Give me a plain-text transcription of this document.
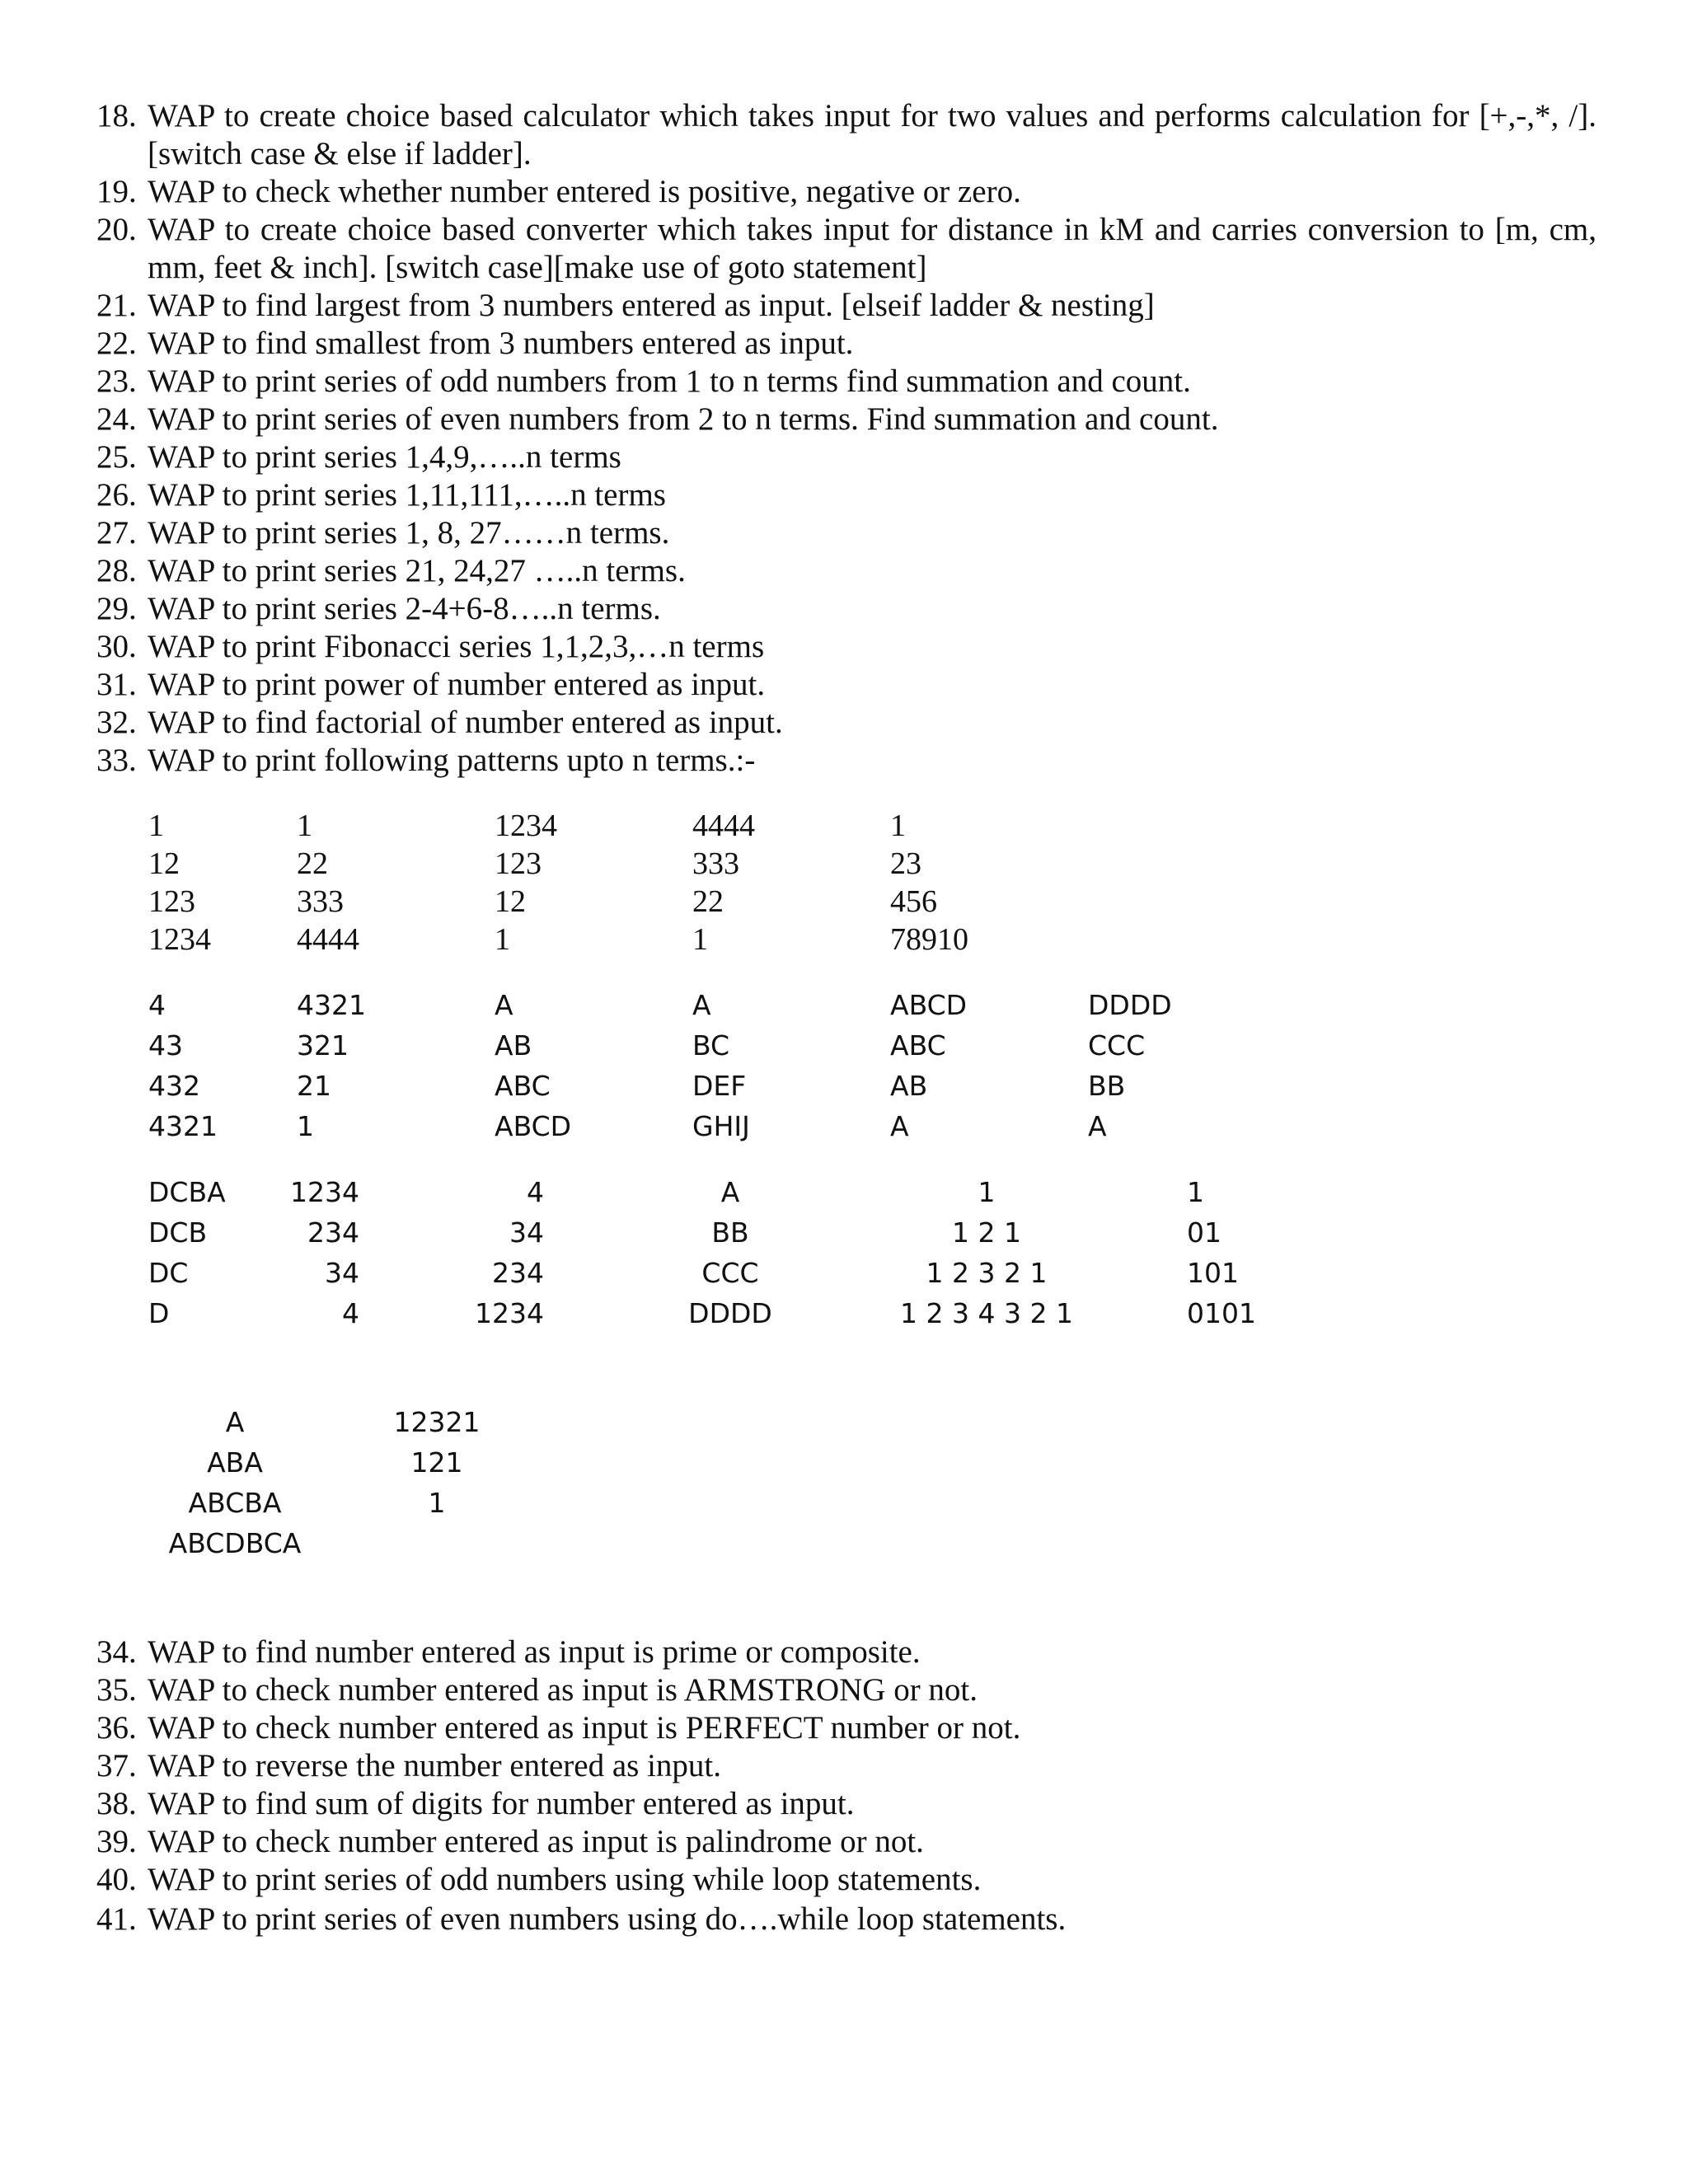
18. WAP to create choice based calculator which takes input for two values and performs calculation for [+,-,*, /]. [switch case & else if ladder].
19. WAP to check whether number entered is positive, negative or zero.
20. WAP to create choice based converter which takes input for distance in kM and carries conversion to [m, cm, mm, feet & inch]. [switch case][make use of goto statement]
21. WAP to find largest from 3 numbers entered as input. [elseif ladder & nesting]
22. WAP to find smallest from 3 numbers entered as input.
23. WAP to print series of odd numbers from 1 to n terms find summation and count.
24. WAP to print series of even numbers from 2 to n terms. Find summation and count.
25. WAP to print series 1,4,9,…..n terms
26. WAP to print series 1,11,111,…..n terms
27. WAP to print series 1, 8, 27……n terms.
28. WAP to print series 21, 24,27 …..n terms.
29. WAP to print series 2-4+6-8…..n terms.
30. WAP to print Fibonacci series 1,1,2,3,…n terms
31. WAP to print power of number entered as input.
32. WAP to find factorial of number entered as input.
33. WAP to print following patterns upto n terms.:-

1

12

123

1234

1

22

333

4444

1234

123

12

1

4444

333

22

1

1

23

456

78910

4

43

432

4321

4321

321

21

1

A

AB

ABC

ABCD

A

BC

DEF

GHIJ

ABCD

ABC

AB

A

DDDD

CCC

BB

A

DCBA

DCB

DC

D

1234

234

34

4

4

34

234

1234

A

BB

CCC

DDDD

1

1 2 1

1 2 3 2 1

1 2 3 4 3 2 1

1

01

101

0101

A

ABA

ABCBA

ABCDBCA

12321

121

1

34. WAP to find number entered as input is prime or composite.
35. WAP to check number entered as input is ARMSTRONG or not.
36. WAP to check number entered as input is PERFECT number or not.
37. WAP to reverse the number entered as input.
38. WAP to find sum of digits for number entered as input.
39. WAP to check number entered as input is palindrome or not.
40. WAP to print series of odd numbers using while loop statements.
41. WAP to print series of even numbers using do….while loop statements.
